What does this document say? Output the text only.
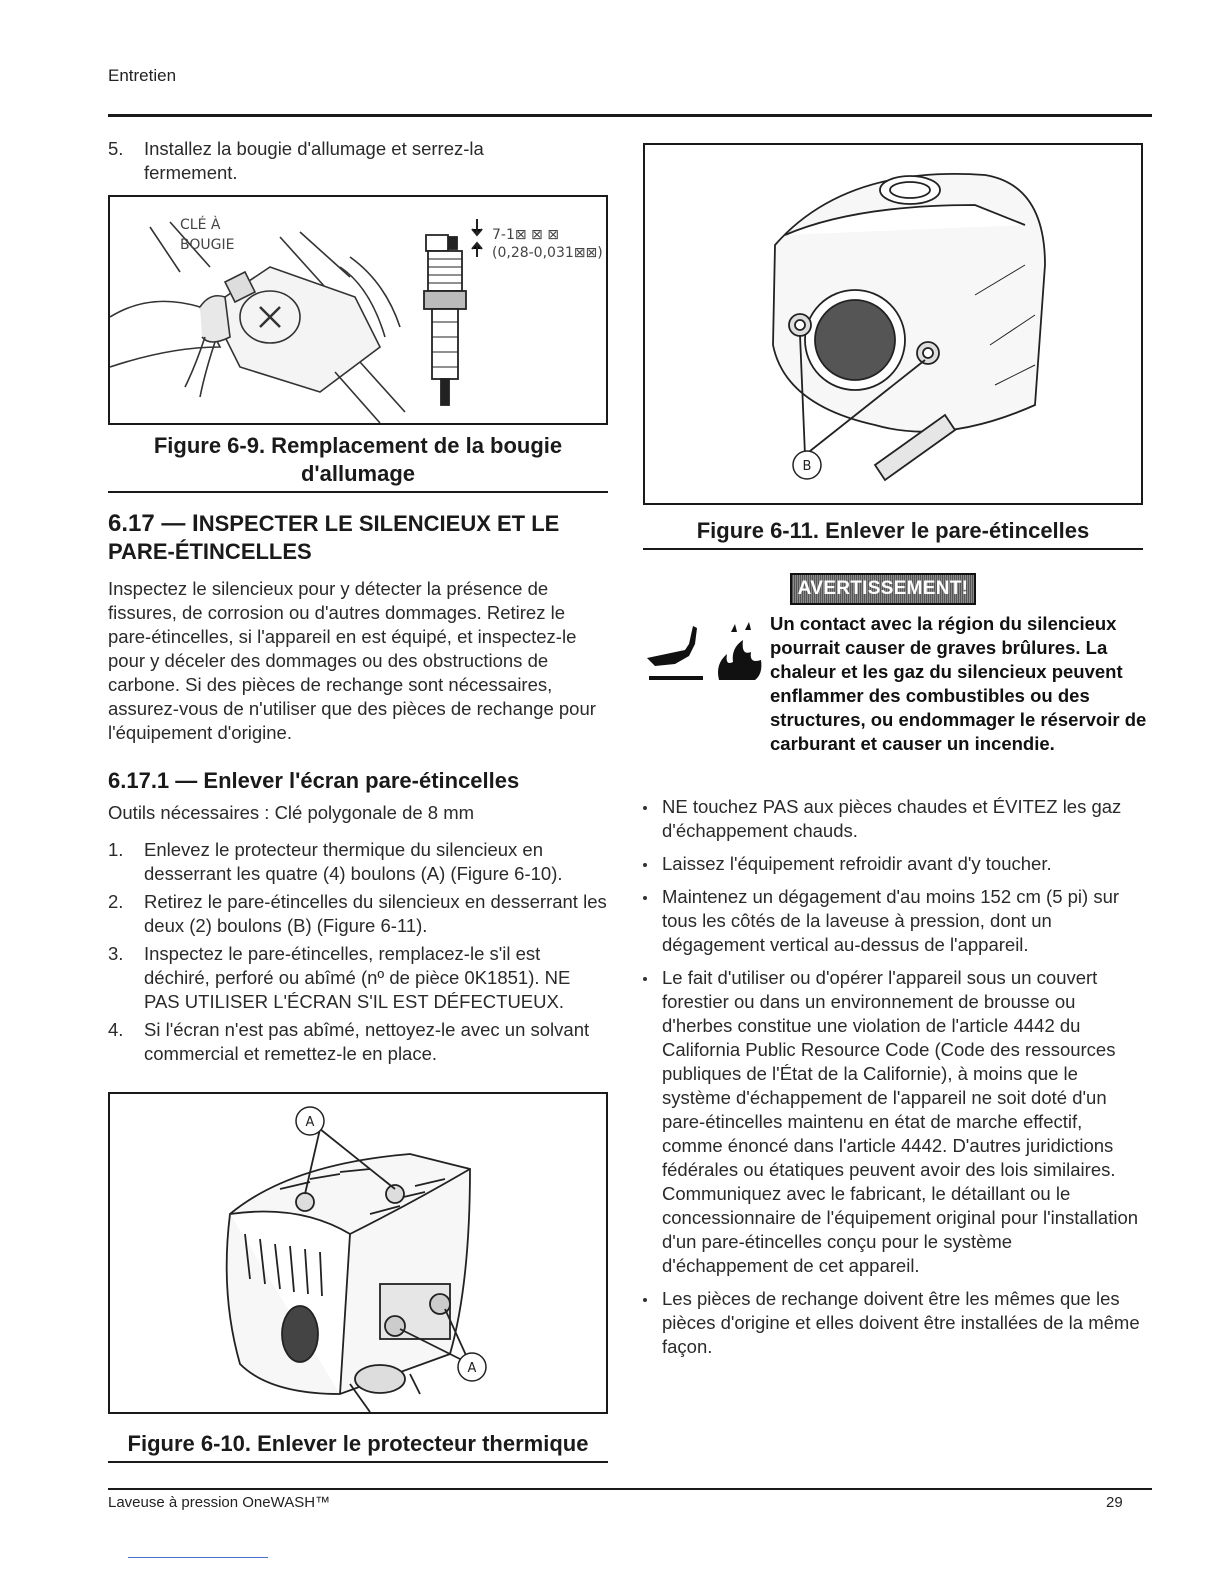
Entretien
5. Installez la bougie d'allumage et serrez-la fermement.
CLÉ À
BOUGIE
7-1⊠ ⊠ ⊠
(0,28-0,031⊠⊠)
Figure 6-9. Remplacement de la bougie d'allumage
6.17 — INSPECTER LE SILENCIEUX ET LE
PARE-ÉTINCELLES
Inspectez le silencieux pour y détecter la présence de fissures, de corrosion ou d'autres dommages. Retirez le pare-étincelles, si l'appareil en est équipé, et inspectez-le pour y déceler des dommages ou des obstructions de carbone. Si des pièces de rechange sont nécessaires, assurez-vous de n'utiliser que des pièces de rechange pour l'équipement d'origine.
6.17.1 — Enlever l'écran pare-étincelles
Outils nécessaires : Clé polygonale de 8 mm
1. Enlevez le protecteur thermique du silencieux en desserrant les quatre (4) boulons (A) (Figure 6-10).
2. Retirez le pare-étincelles du silencieux en desserrant les deux (2) boulons (B) (Figure 6-11).
3. Inspectez le pare-étincelles, remplacez-le s'il est déchiré, perforé ou abîmé (nº de pièce 0K1851). NE PAS UTILISER L'ÉCRAN S'IL EST DÉFECTUEUX.
4. Si l'écran n'est pas abîmé, nettoyez-le avec un solvant commercial et remettez-le en place.
A
A
Figure 6-10. Enlever le protecteur thermique
B
Figure 6-11. Enlever le pare-étincelles
AVERTISSEMENT!
Un contact avec la région du silencieux pourrait causer de graves brûlures. La chaleur et les gaz du silencieux peuvent enflammer des combustibles ou des structures, ou endommager le réservoir de carburant et causer un incendie.
NE touchez PAS aux pièces chaudes et ÉVITEZ les gaz d'échappement chauds.
Laissez l'équipement refroidir avant d'y toucher.
Maintenez un dégagement d'au moins 152 cm (5 pi) sur tous les côtés de la laveuse à pression, dont un dégagement vertical au-dessus de l'appareil.
Le fait d'utiliser ou d'opérer l'appareil sous un couvert forestier ou dans un environnement de brousse ou d'herbes constitue une violation de l'article 4442 du California Public Resource Code (Code des ressources publiques de l'État de la Californie), à moins que le système d'échappement de l'appareil ne soit doté d'un pare-étincelles maintenu en état de marche effectif, comme énoncé dans l'article 4442. D'autres juridictions fédérales ou étatiques peuvent avoir des lois similaires. Communiquez avec le fabricant, le détaillant ou le concessionnaire de l'équipement original pour l'installation d'un pare-étincelles conçu pour le système d'échappement de cet appareil.
Les pièces de rechange doivent être les mêmes que les pièces d'origine et elles doivent être installées de la même façon.
Laveuse à pression OneWASH™	29
